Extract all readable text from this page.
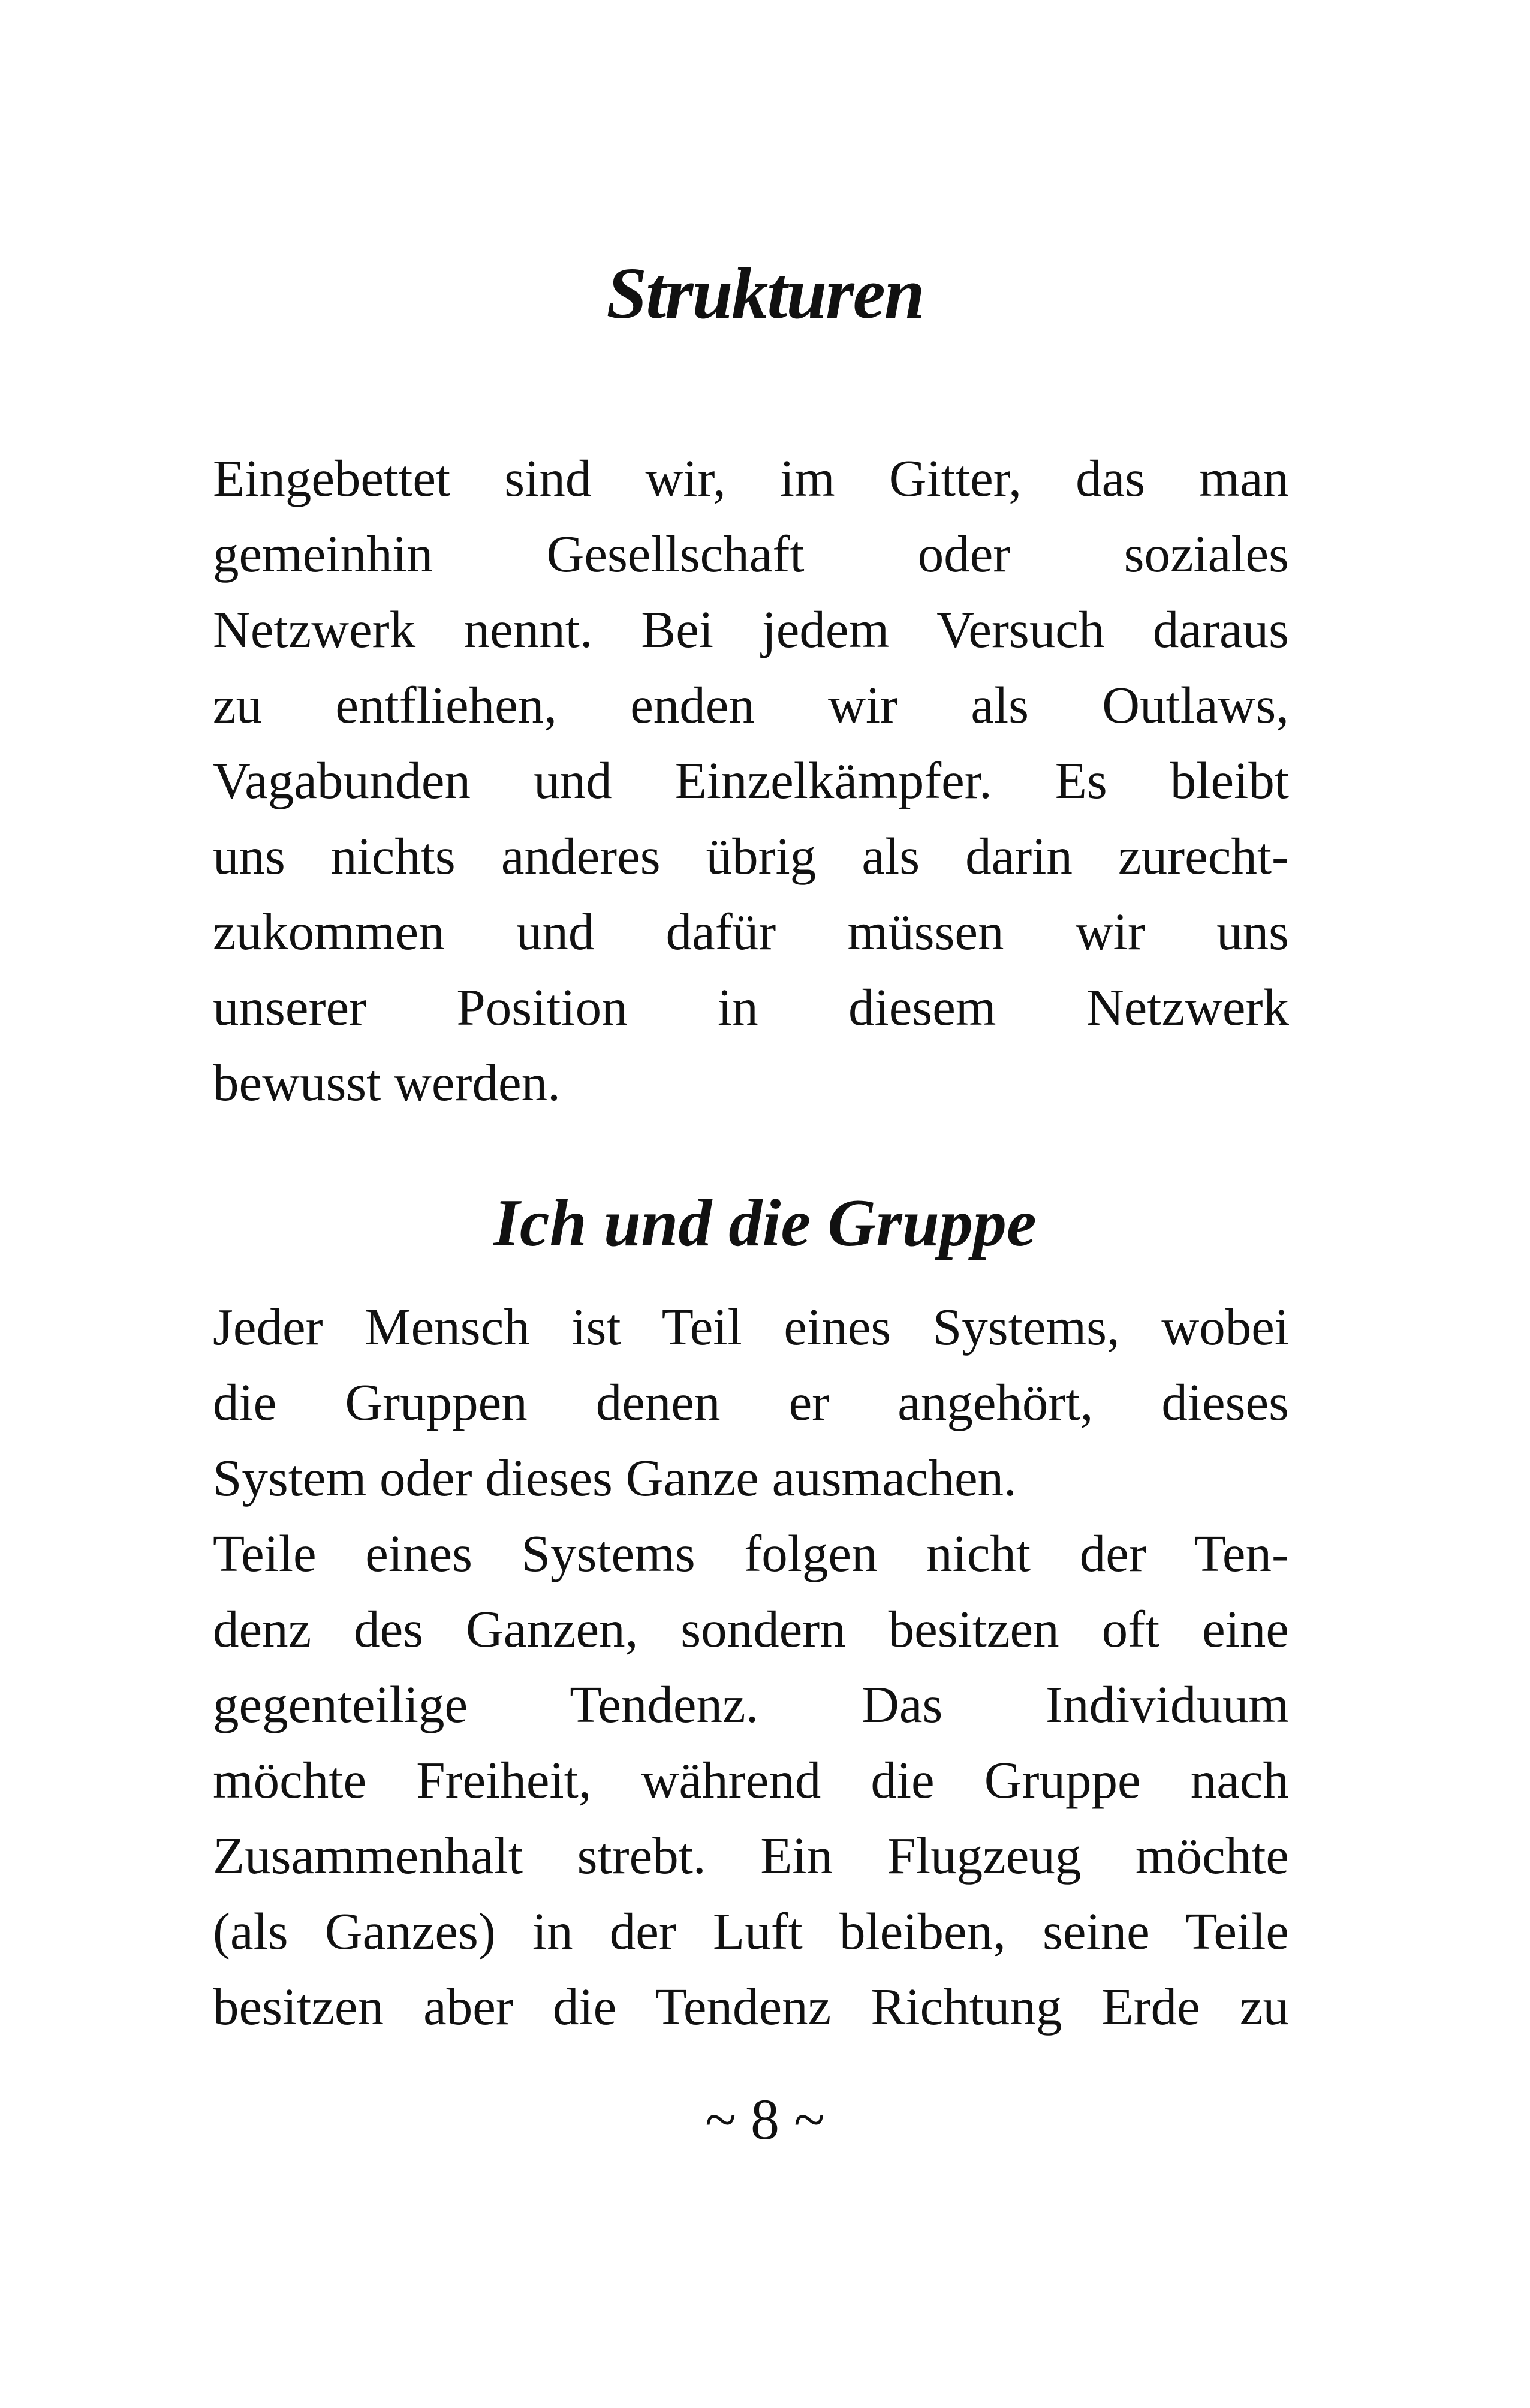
Strukturen
Eingebettet sind wir, im Gitter, das man
gemeinhin Gesellschaft oder soziales
Netzwerk nennt. Bei jedem Versuch daraus
zu entfliehen, enden wir als Outlaws,
Vagabunden und Einzelkämpfer. Es bleibt
uns nichts anderes übrig als darin zurecht-
zukommen und dafür müssen wir uns
unserer Position in diesem Netzwerk
bewusst werden.
Ich und die Gruppe
Jeder Mensch ist Teil eines Systems, wobei
die Gruppen denen er angehört, dieses
System oder dieses Ganze ausmachen.
Teile eines Systems folgen nicht der Ten-
denz des Ganzen, sondern besitzen oft eine
gegenteilige Tendenz. Das Individuum
möchte Freiheit, während die Gruppe nach
Zusammenhalt strebt. Ein Flugzeug möchte
(als Ganzes) in der Luft bleiben, seine Teile
besitzen aber die Tendenz Richtung Erde zu
~ 8 ~
